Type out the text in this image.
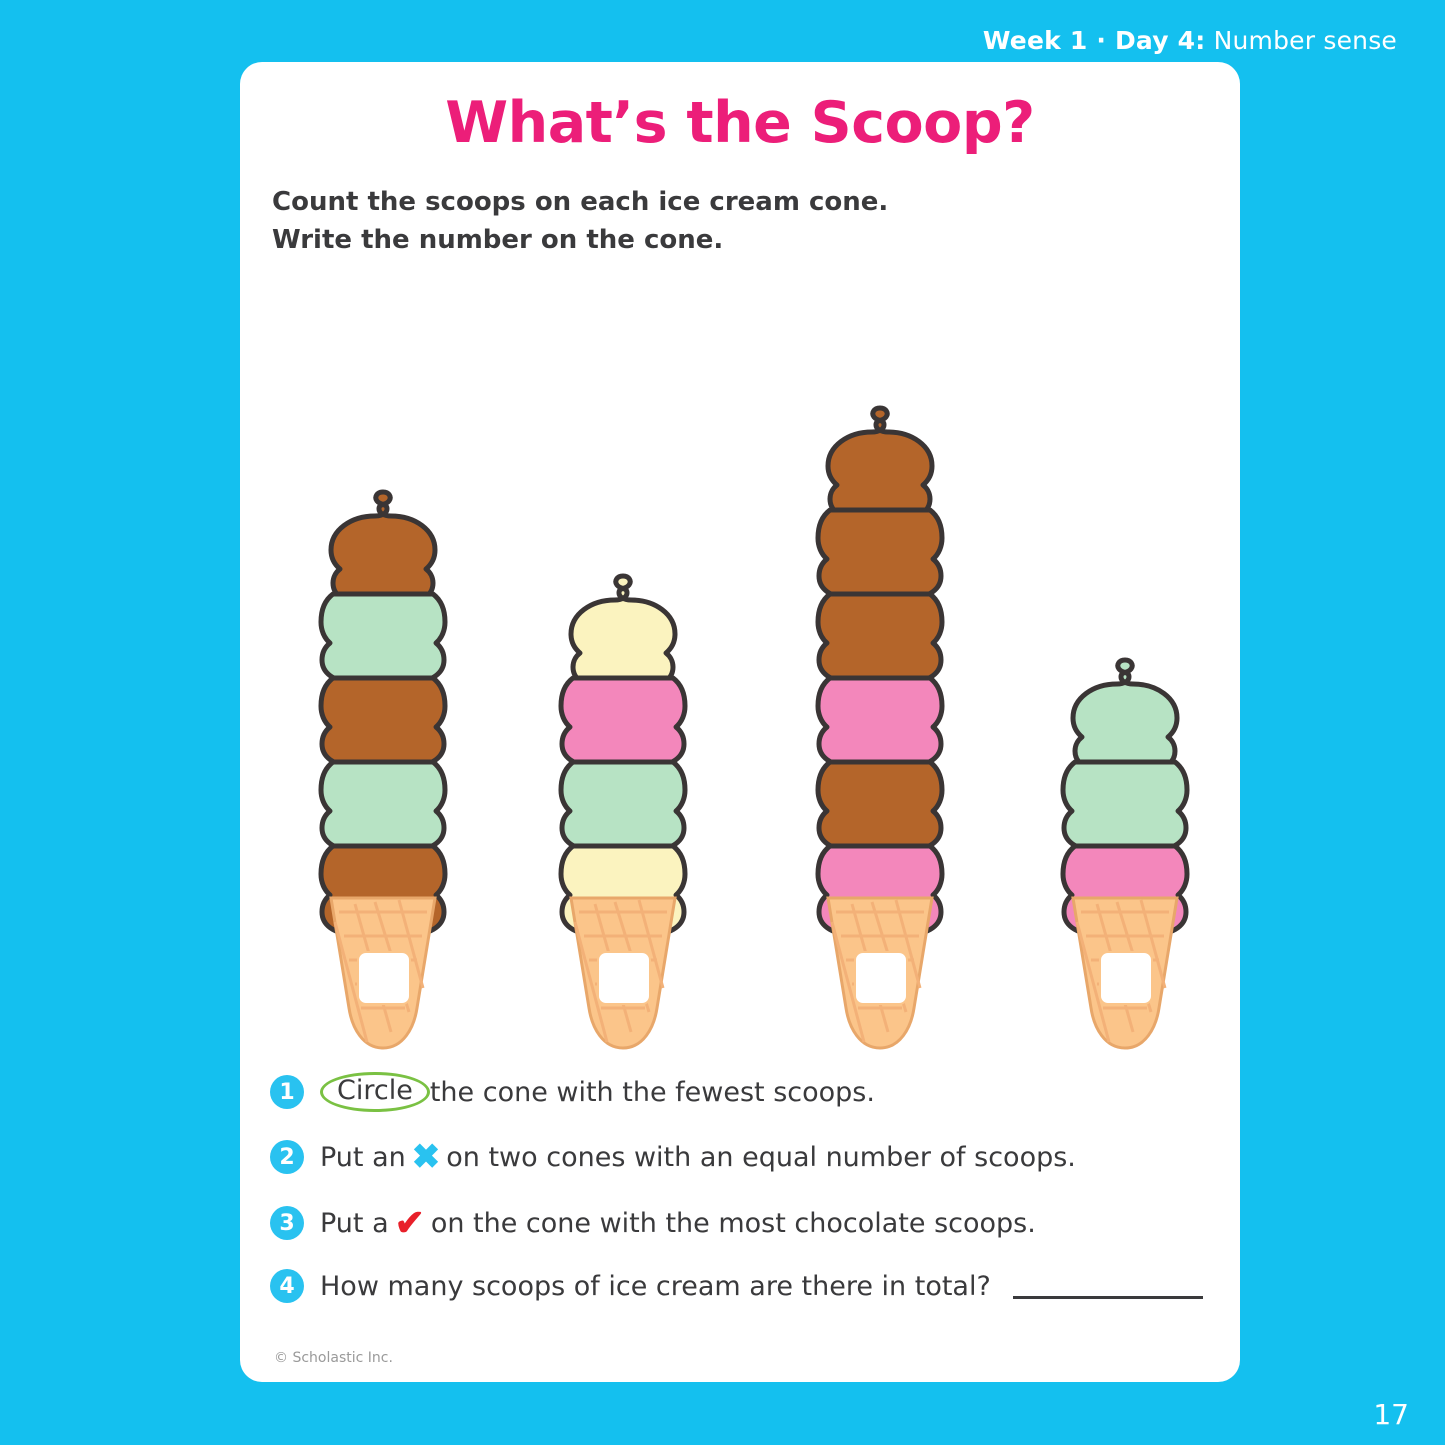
Week 1 · Day 4: Number sense
What’s the Scoop?
Count the scoops on each ice cream cone.
Write the number on the cone.
1	Circle the cone with the fewest scoops.
2 Put an ✖ on two cones with an equal number of scoops.
3 Put a ✔ on the cone with the most chocolate scoops.
4 How many scoops of ice cream are there in total?
© Scholastic Inc.
17
